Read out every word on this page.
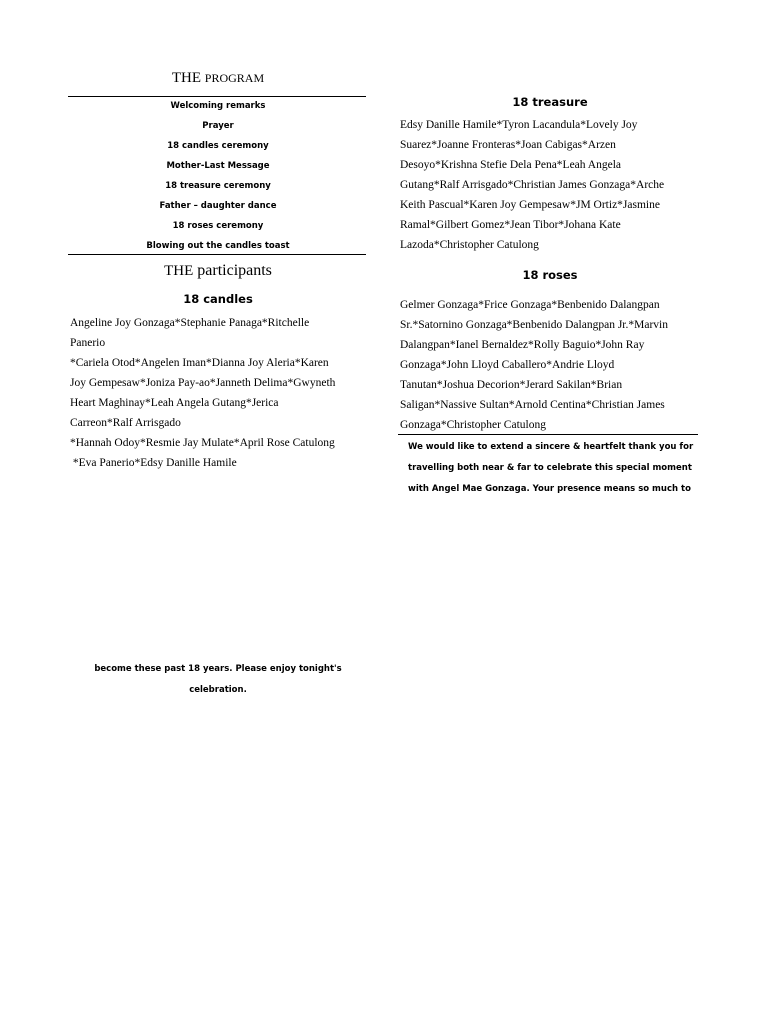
THE PROGRAM
Welcoming remarks
Prayer
18 candles ceremony
Mother-Last Message
18 treasure ceremony
Father – daughter dance
18 roses ceremony
Blowing out the candles toast
THE participants
18 candles
Angeline Joy Gonzaga*Stephanie Panaga*Ritchelle
Panerio
*Cariela Otod*Angelen Iman*Dianna Joy Aleria*Karen
Joy Gempesaw*Joniza Pay-ao*Janneth Delima*Gwyneth
Heart Maghinay*Leah Angela Gutang*Jerica
Carreon*Ralf Arrisgado
*Hannah Odoy*Resmie Jay Mulate*April Rose Catulong
*Eva Panerio*Edsy Danille Hamile
become these past 18 years. Please enjoy tonight's
celebration.
18 treasure
Edsy Danille Hamile*Tyron Lacandula*Lovely Joy
Suarez*Joanne Fronteras*Joan Cabigas*Arzen
Desoyo*Krishna Stefie Dela Pena*Leah Angela
Gutang*Ralf Arrisgado*Christian James Gonzaga*Arche
Keith Pascual*Karen Joy Gempesaw*JM Ortiz*Jasmine
Ramal*Gilbert Gomez*Jean Tibor*Johana Kate
Lazoda*Christopher Catulong
18 roses
Gelmer Gonzaga*Frice Gonzaga*Benbenido Dalangpan
Sr.*Satornino Gonzaga*Benbenido Dalangpan Jr.*Marvin
Dalangpan*Ianel Bernaldez*Rolly Baguio*John Ray
Gonzaga*John Lloyd Caballero*Andrie Lloyd
Tanutan*Joshua Decorion*Jerard Sakilan*Brian
Saligan*Nassive Sultan*Arnold Centina*Christian James
Gonzaga*Christopher Catulong
We would like to extend a sincere & heartfelt thank you for
travelling both near & far to celebrate this special moment
with Angel Mae Gonzaga. Your presence means so much to
